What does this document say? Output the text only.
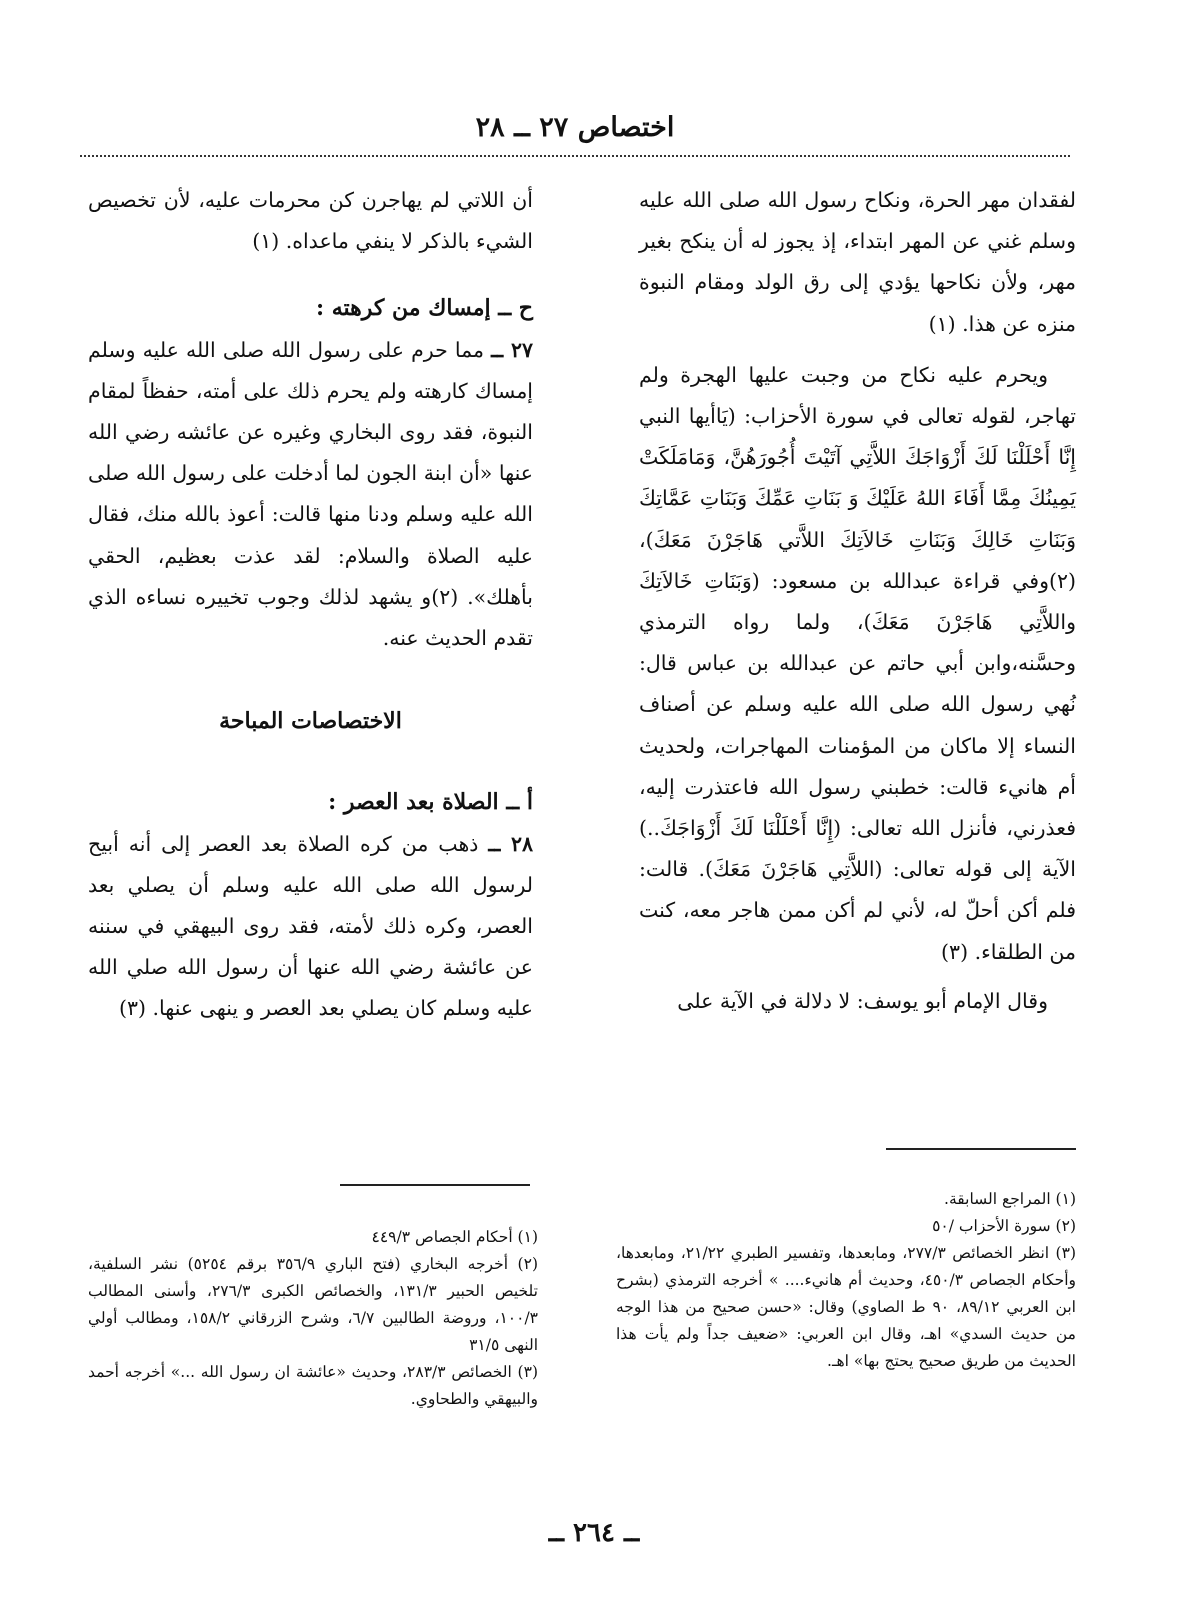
اختصاص ٢٧ ــ ٢٨

لفقدان مهر الحرة، ونكاح رسول الله صلى الله عليه وسلم غني عن المهر ابتداء، إذ يجوز له أن ينكح بغير مهر، ولأن نكاحها يؤدي إلى رق الولد ومقام النبوة منزه عن هذا. (١)

ويحرم عليه نكاح من وجبت عليها الهجرة ولم تهاجر، لقوله تعالى في سورة الأحزاب: (يَاأيها النبي إِنَّا أَحْلَلْنَا لَكَ أَزْوَاجَكَ اللاَّتِي آتَيْتَ أُجُورَهُنَّ، وَمَامَلَكَتْ يَمِينُكَ مِمَّا أَفَاءَ اللهُ عَلَيْكَ وَ بَنَاتِ عَمِّكَ وَبَنَاتِ عَمَّاتِكَ وَبَنَاتِ خَالِكَ وَبَنَاتِ خَالاَتِكَ اللاَّتي هَاجَرْنَ مَعَكَ)، (٢)وفي قراءة عبدالله بن مسعود: (وَبَنَاتِ خَالاَتِكَ واللاَّتِي هَاجَرْنَ مَعَكَ)، ولما رواه الترمذي وحسَّنه،وابن أبي حاتم عن عبدالله بن عباس قال: نُهي رسول الله صلى الله عليه وسلم عن أصناف النساء إلا ماكان من المؤمنات المهاجرات، ولحديث أم هانيء قالت: خطبني رسول الله فاعتذرت إليه، فعذرني، فأنزل الله تعالى: (إِنَّا أَحْلَلْنَا لَكَ أَزْوَاجَكَ..) الآية إلى قوله تعالى: (اللاَّتِي هَاجَرْنَ مَعَكَ). قالت: فلم أكن أحلّ له، لأني لم أكن ممن هاجر معه، كنت من الطلقاء. (٣)

وقال الإمام أبو يوسف: لا دلالة في الآية على

أن اللاتي لم يهاجرن كن محرمات عليه، لأن تخصيص الشيء بالذكر لا ينفي ماعداه. (١)

ح ــ إمساك من كرهته :

٢٧ ــ مما حرم على رسول الله صلى الله عليه وسلم إمساك كارهته ولم يحرم ذلك على أمته، حفظاً لمقام النبوة، فقد روى البخاري وغيره عن عائشه رضي الله عنها «أن ابنة الجون لما أدخلت على رسول الله صلى الله عليه وسلم ودنا منها قالت: أعوذ بالله منك، فقال عليه الصلاة والسلام: لقد عذت بعظيم، الحقي بأهلك». (٢)و يشهد لذلك وجوب تخييره نساءه الذي تقدم الحديث عنه.

الاختصاصات المباحة

أ ــ الصلاة بعد العصر :

٢٨ ــ ذهب من كره الصلاة بعد العصر إلى أنه أبيح لرسول الله صلى الله عليه وسلم أن يصلي بعد العصر، وكره ذلك لأمته، فقد روى البيهقي في سننه عن عائشة رضي الله عنها أن رسول الله صلي الله عليه وسلم كان يصلي بعد العصر و ينهى عنها. (٣)

(١) المراجع السابقة.

(٢) سورة الأحزاب /٥٠

(٣) انظر الخصائص ٢٧٧/٣، ومابعدها، وتفسير الطبري ٢١/٢٢، ومابعدها، وأحكام الجصاص ٤٥٠/٣، وحديث أم هانيء.... » أخرجه الترمذي (بشرح ابن العربي ٨٩/١٢، ٩٠ ط الصاوي) وقال: «حسن صحيح من هذا الوجه من حديث السدي» اهـ، وقال ابن العربي: «ضعيف جداً ولم يأت هذا الحديث من طريق صحيح يحتج بها» اهـ.

(١) أحكام الجصاص ٤٤٩/٣

(٢) أخرجه البخاري (فتح الباري ٣٥٦/٩ برقم ٥٢٥٤) نشر السلفية، تلخيص الحبير ١٣١/٣، والخصائص الكبرى ٢٧٦/٣، وأسنى المطالب ١٠٠/٣، وروضة الطالبين ٦/٧، وشرح الزرقاني ١٥٨/٢، ومطالب أولي النهى ٣١/٥

(٣) الخصائص ٢٨٣/٣، وحديث «عائشة ان رسول الله ...» أخرجه أحمد والبيهقي والطحاوي.

ــ ٢٦٤ ــ
